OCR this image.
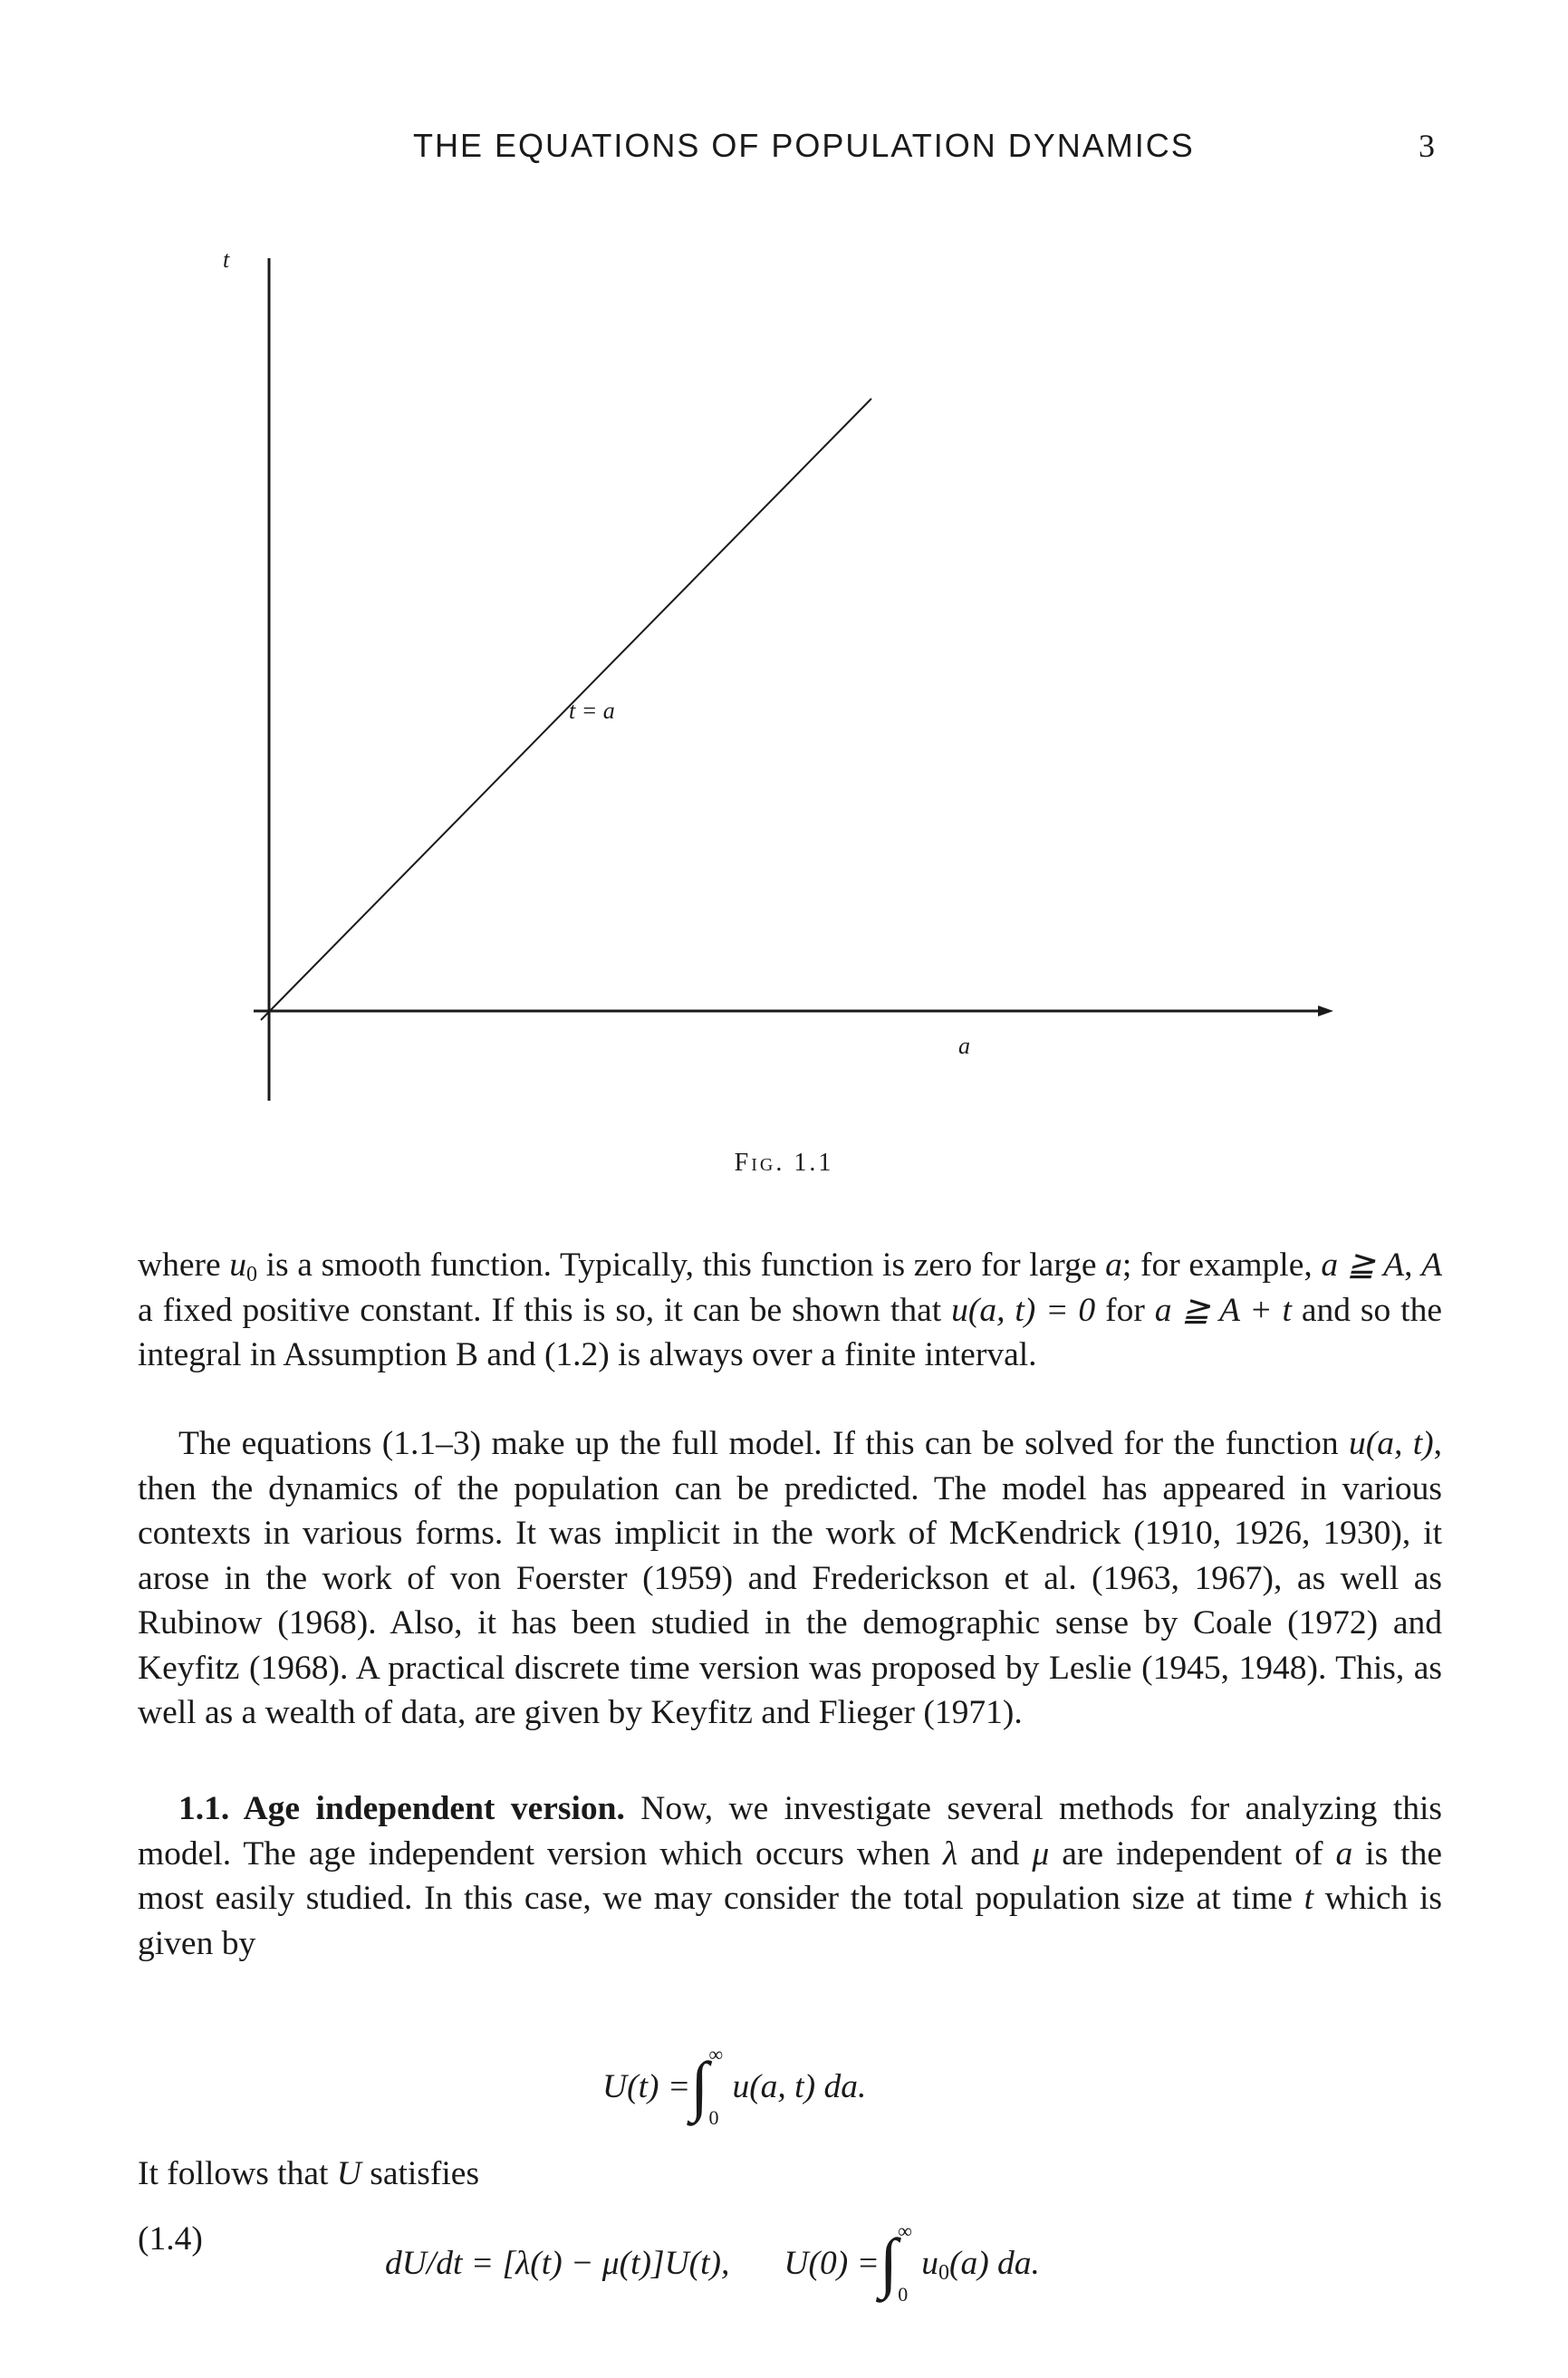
THE EQUATIONS OF POPULATION DYNAMICS	3
t
a
t = a
Fig. 1.1
where $u_0$ is a smooth function. Typically, this function is zero for large a; for example, a ≧ A, A a fixed positive constant. If this is so, it can be shown that u(a, t) = 0 for a ≧ A + t and so the integral in Assumption B and (1.2) is always over a finite interval.
The equations (1.1–3) make up the full model. If this can be solved for the function u(a, t), then the dynamics of the population can be predicted. The model has appeared in various contexts in various forms. It was implicit in the work of McKendrick (1910, 1926, 1930), it arose in the work of von Foerster (1959) and Frederickson et al. (1963, 1967), as well as Rubinow (1968). Also, it has been studied in the demographic sense by Coale (1972) and Keyfitz (1968). A practical discrete time version was proposed by Leslie (1945, 1948). This, as well as a wealth of data, are given by Keyfitz and Flieger (1971).
1.1. Age independent version. Now, we investigate several methods for analyzing this model. The age independent version which occurs when λ and μ are independent of a is the most easily studied. In this case, we may consider the total population size at time t which is given by
U(t) =∫ ∞
0
u(a, t) da.
It follows that U satisfies
(1.4)
dU/dt = [λ(t) − μ(t)]U(t), U(0) =∫ ∞
0
$u_0(a)$ da.
